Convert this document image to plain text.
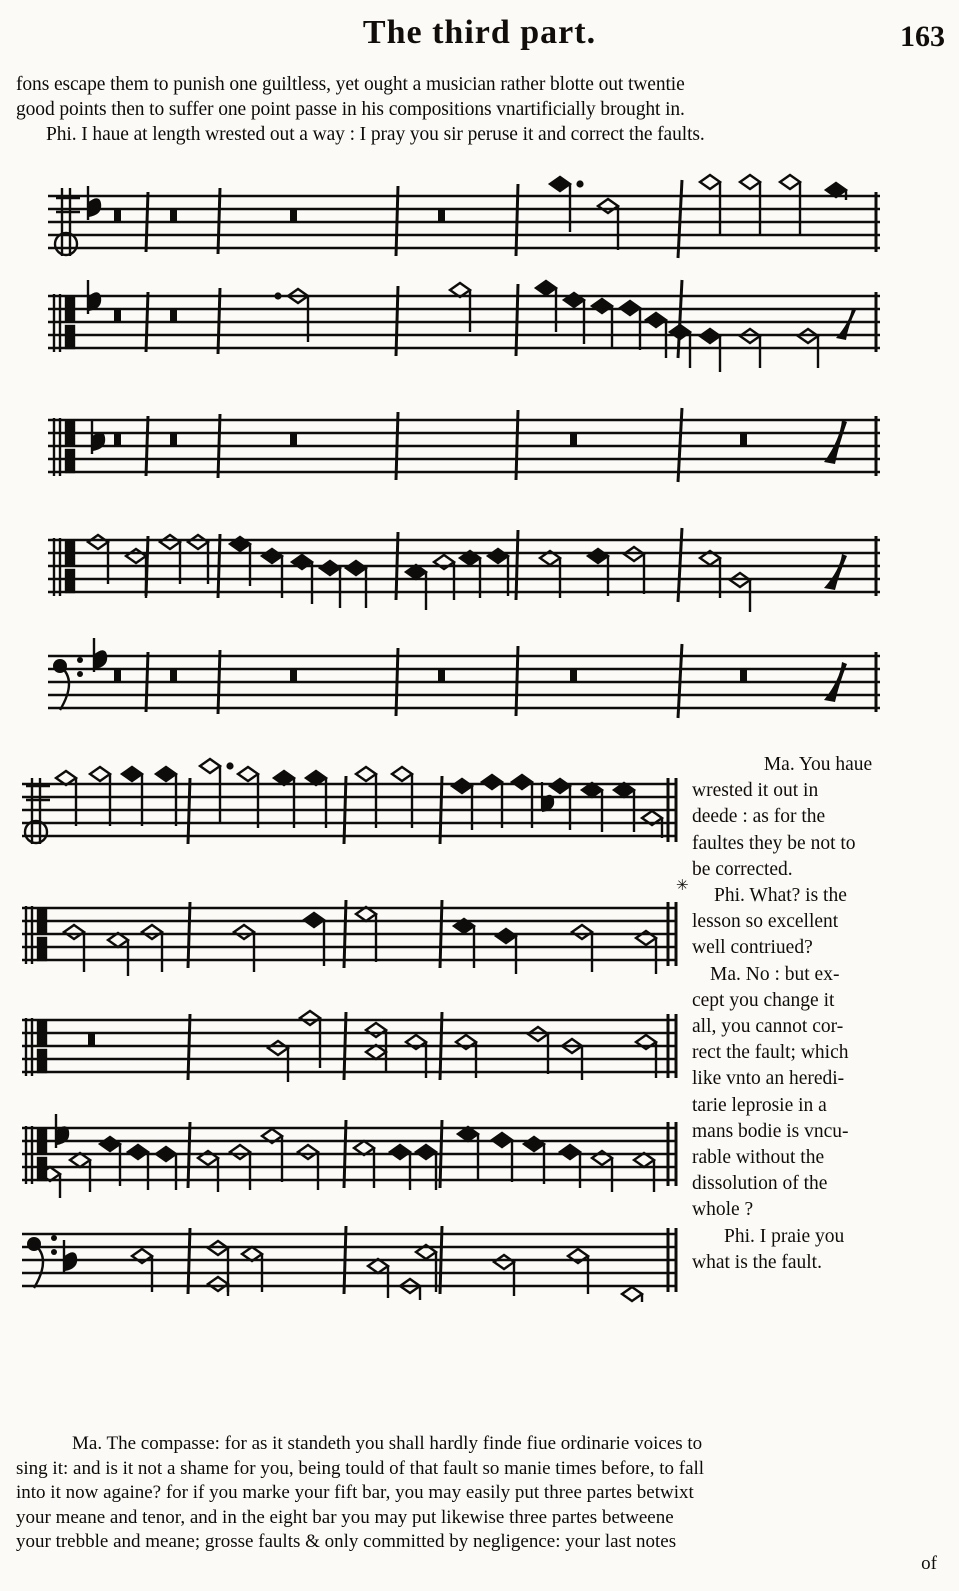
The third part.	163
fons escape them to punish one guiltless, yet ought a musician rather blotte out twentie
good points then to suffer one point passe in his compositions vnartificially brought in.
Phi. I haue at length wrested out a way : I pray you sir peruse it and correct the faults.
✳
Ma. You haue
wrested it out in
deede : as for the
faultes they be not to
be corrected.
Phi. What? is the
lesson so excellent
well contriued?
Ma. No : but ex-
cept you change it
all, you cannot cor-
rect the fault; which
like vnto an heredi-
tarie leprosie in a
mans bodie is vncu-
rable without the
dissolution of the
whole ?
Phi. I praie you
what is the fault.
Ma. The compasse: for as it standeth you shall hardly finde fiue ordinarie voices to
sing it: and is it not a shame for you, being tould of that fault so manie times before, to fall
into it now againe? for if you marke your fift bar, you may easily put three partes betwixt
your meane and tenor, and in the eight bar you may put likewise three partes betweene
your trebble and meane; grosse faults & only committed by negligence: your last notes
of
